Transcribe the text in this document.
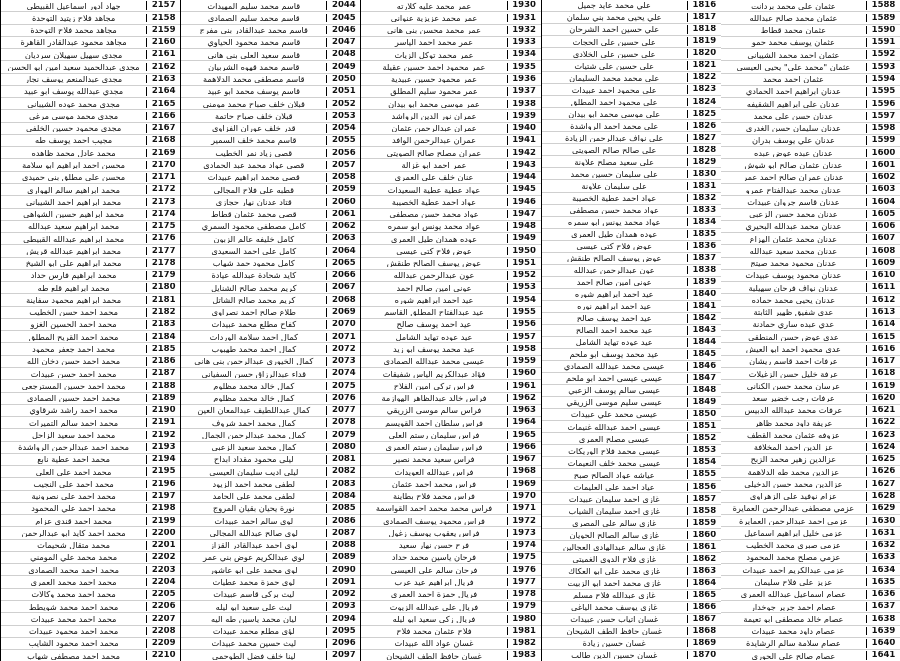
1588
عثمان علي محمد بردانت
1589
عثمان محمد صالح عبدالله
1590
عثمان محمد قطاط
1591
عثمان يوسف محمد حمو
1592
عثمان احمد محمد الشيباني
1593
عثمان "محمد علي" يحيى العيسي
1594
عثمان احمد محمد
1595
عدنان ابراهيم احمد الحمادي
1596
عدنان علي ابراهيم الشقيفه
1597
عدنان حسن علي محمد
1598
عدنان سليمان حسن الغدري
1599
عدنان علي يوسف بدران
1600
عدنان عبده عوض عبده
1601
عدنان عثمان صالح ابو شوش
1602
عدنان عمران صالح احمد عمر
1603
عدنان محمد عبدالفتاح عمرو
1604
عدنان قاسم جروان عبيدات
1605
عدنان محمد حسن الزعبي
1606
عدنان محمد عبدالله البحيري
1607
عدنان محمد عثمان الهزاع
1608
عدنان محمد سعيد عبدالله
1609
عدنان محمود محمد صيتج
1610
عدنان محمود يوسف عبيدات
1611
عدنان نواف فرحان سهيلية
1612
عدنان يحيى محمد حماده
1613
عدي شفيق ظهير الثابتة
1614
عدي عبده ساري حمادنة
1615
عدي عوض حسن المنطقي
1616
عدي محمود احمد ابو العيش
1617
عرفات احمد قاسم ريشان
1618
عرفة خليل حسن الزغيلات
1619
عرسان محمد حسن الكناني
1620
عرفات رجب خضير سعد
1621
عرفات محمد عبدالله الدبيس
1622
عريفة داود محمد ظاهر
1623
عزوفه عثمان محمد القطف
1624
عز الدين احمد المخلافة
1625
عزالدين زهير محمد الزبح
1626
عزالدين محمد طه الدلاهمة
1627
عزالدين محمد حسن الدخيلي
1628
عزام نوفيد علي الزهراوي
1629
عزمي مصطفى عبدالرحمن العمايرة
1630
عزمي احمد عبدالرحمن العمايرة
1631
عزمي خليل ابراهيم اسماعيل
1632
عزمي صبري محمد الخطيب
1633
عزمي مصلح محمد المحمود
1634
عزمي عبدالكريم احمد عبيدات
1635
عزيز علي فلاح سليمان
1636
عصام اسماعيل عبدالله العمري
1637
عصام احمد جرير جوخدار
1638
عصام خالد مصطفى ابو تعيمة
1639
عصام داود محمد عبيدات
1640
عصام سلامة سالم الرشايدة
1641
عصام صالح علي الحوري
1816
علي محمد عايد جميل
1817
علي يحيى محمد بني سلمان
1818
علي حسين احمد الشرحان
1819
علي حسين علي الحجات
1820
علي حسين علي الخلادي
1821
علي حسين علي شتيات
1822
علي محمد محمد السليمان
1823
علي محمود احمد عبيدات
1824
علي محمود احمد المطلق
1825
علي موسى محمد ابو بيدان
1826
علي محمد احمد الرواشدة
1827
علي نواف عبدالرحمن الزيادة
1828
علي صالح صالح الصويتي
1829
علي سعيد مصلح علاونة
1830
علي سليمان حسين محمد
1831
علي سليمان علاونة
1832
عواد احمد عطية الخصيبة
1833
عواد محمد حسن مصطفى
1834
عواد محمد يونس ابو سمره
1835
عوده همدان طيل العمري
1836
عوض فلاح كتي عيسى
1837
عوض يوسف الصالح طنقش
1838
عون عبدالرحمن عبدالله
1839
عوني امين صالح احمد
1840
عيد احمد ابراهيم شوره
1841
عيد احمد ابراهيم نوره
1842
عيد احمد يوسف صالح
1843
عيد محمد احمد الصالح
1844
عيد عوده تهايد الشامل
1845
عيد محمد يوسف ابو ملحم
1846
عيسى محمد عبدالله الصمادي
1847
عيسى عيسى احمد ابو ملحم
1848
عيسى سالم يوسف الزعبي
1849
عيسى سليم موسى الزريقي
1850
عيسى محمد علي عبيدات
1851
عيسى احمد عبدالله غنيمات
1852
عيسى مصلح العمري
1853
عيسى محمد فلاح الوريكات
1854
عيسى محمد خلف النعيمات
1855
عياشه عواد الصالح صبح
1856
عياد احمد علي العليمات
1857
غازي احمد سليمان عبيدات
1858
غازي احمد سليمان الشياب
1859
غازي سالم علي المصري
1860
غازي سالم الصالح الحويان
1861
غازي سالم عبدالهادي العجالين
1862
غازي فلاح الدوي الغميتي
1863
غازي محمد علي ابو العكاك
1864
غازي محمد احمد ابو الزبيت
1865
غازي عبدالله فلاح مسلم
1866
غازي يوسف محمد الياغي
1867
غسان اتياب حسن عبيدات
1868
غسان حافظ الطف الشيحان
1869
غسان حسين زيادة
1870
غسان حسين الدين طالب
1930
عمر محمد عليه كلارته
1931
عمر محمد عزيزية عنواني
1932
عمر محمد محسن بني هاني
1933
عمر محمد احمد الياسر
1934
عمر محمد توكل الزيات
1935
عمر محمود احمد حسين عقيلة
1936
عمر محمود حسين عبيدية
1937
عمر محمود سليم المطلق
1938
عمر موسى محمد ابو بيدان
1939
عمران نور الدين الرواشد
1940
عمران عبدالرحمن عثمان
1941
عمران عبدالرحمن الوافد
1942
عمران مصلح صالح الصويتي
1943
عمر احمد ابو غزالة
1944
عنان خلف علي العمري
1945
عواد عطية عطية السعيدات
1946
عواد احمد عطية الخصيبة
1947
عواد محمد حسن مصطفى
1948
عواد محمد يونس ابو سمره
1949
عوده همدان طيل العمري
1950
عوض فلاح كتي عيسى
1951
عوض يوسف الصالح طنقش
1952
عون عبدالرحمن عبدالله
1953
عوني امين صالح احمد
1954
عيد احمد ابراهيم شوره
1955
عيد عبدالفتاح المطلق القاسم
1956
عيد احمد يوسف صالح
1957
عيد عوده تهايد الشامل
1958
عيد محمد يوسف ابو زيد
1959
عيسى محمد عبدالله الصمادي
1960
فؤاد عبدالكريم الياس شفيقات
1961
فراس تركي امين الفلاح
1962
فراس خالد عبدالظاهر الهوازمة
1963
فراس سالم موسى الزريقي
1964
فراس سلطان احمد القويسم
1965
فراس سليمان رستم العلي
1966
فراس سليمان رستم العمري
1967
فراس سعيد محمد نصير
1968
فراس عبدالله العويدات
1969
فراس محمد احمد عثمان
1970
فراس محمد فلاح بطاينة
1971
فراس محمد محمد احمد القواسمة
1972
فراس محمود يوسف الصمادي
1973
فراس يعقوب يوسف زغول
1974
فرح حسن نهار سعيد
1975
فرحان ياسين محمد حداد
1976
فرحان سالم علي العيسى
1977
فريال ابراهيم عيد عرب
1978
فريال حمزة احمد العمري
1979
فريال علي عبدالله الزيوت
1980
فريال زكي سعيد ابو ليله
1981
فلاح عثمان محمد فلاح
1982
غسان عواد الله عبيدات
1983
غسان حافظ الطف الشيحان
2044
قاسم محمد سليم المهيدات
2045
قاسم محمد سليم الصمادي
2046
قاسم محمد عبدالقادر بني مفرج
2047
قاسم محمد محمود الحياوي
2048
قاسم سعيد العلي بني هاني
2049
قاسم محمد قهوه الشربيان
2050
قاسم مصطفى محمد الدلاهمة
2051
قاسم يوسف محمد ابو عبيد
2052
قبلان خلف صباح محمد مومني
2053
قبلان خلف صباح حاتمة
2054
قدر خلف عوران الفزاوي
2055
قاسم محمد خلف السمير
2056
قصي زياد نمر الخطيب
2057
قصي عواد محمد عبد الحمادي
2058
قصي محمد ابراهيم عبيدات
2059
قطبه علي فلاح المجالي
2060
قتاد عدنان نهار حجازي
2061
قصي محمد عثمان قطاط
2062
كامل مصطفى محمود السمري
2063
كامل خليفه عالم الزبون
2064
كامل علي احمد السعيدي
2065
كامل محمود حمد شهاب
2066
كايد شحادة عبدالله عيادة
2067
كريم محمد صالح الشنايل
2068
كريم محمد صالح الشاتل
2069
طلاع صالح احمد نصراوي
2070
كفاح مطلع محمد عبيدات
2071
كمال احمد سلامة الوردات
2072
كمال احمد محمد طهبوب
2073
كمال الخيوري عبدالرحمن بني هاني
2074
قداء عبدالرزاق حسن السفياني
2075
كمال خالد محمد مظلوم
2076
كمال خالد محمد مظلوم
2077
كمال عبداللطيف عبدالمعان العين
2078
كمال محمد احمد شروف
2079
كمال محمد عبدالرحمن الجمال
2080
كمال محمد سعيد الزعبي
2081
ليلى محمود مقداد ابداح
2082
ليلى اديب سليمان العيسى
2083
لطفي محمد احمد الزيود
2084
لطفي محمد علي الحامد
2085
نورة يحيان بقيان المروج
2086
لوي سالم احمد عبيدات
2087
لوي صالح عبدالله المجالي
2088
لوي احمد عبدالقادر القزاز
2089
لوي عبدالكريم عوض بني عمر
2090
لوي محمد علي ابو عاشور
2091
لوي حمزة محمد عطيات
2092
ليث بركي قاسم عبيدات
2093
ليث علي سعيد ابو ليله
2094
ليان محمد ياسين طه اليه
2095
لؤي مطلع محمد عبيدات
2096
ليث حسين محمد عبيدات
2097
لينا خلف فضل الطوحمي
2157
جهاد أدور اسماعيل القبيطي
2158
مجاهد فلاح زيتيد التوحدة
2159
مجاهد محمد فلاح التوحدة
2160
مجاهد محمود عبدالقادر القاهرة
2161
مجدي سهيل سهيلان سرديان
2162
مجدي عبدالحميد سعيد امين ابو الحسن
2163
مجدي عبدالمنعم يوسف نجار
2164
مجدي عبدالله يوسف ابو عبيد
2165
مجدي محمد عوده الشيباني
2166
مجدي محمد موسى مرغي
2167
مجدي محمود حسين الخلفي
2168
مجيب احمد يوسف طه
2169
محمد عادل محمد ظاهده
2170
محسن احمد ابراهيم ابو سلامة
2171
محسن علي مطلق بني حميدي
2172
محمد ابراهيم سالم الهواري
2173
محمد ابراهيم احمد الشيباني
2174
محمد ابراهيم حسين الشواهي
2175
محمد ابراهيم سعيد عبدالله
2176
محمد ابراهيم عبدالله القبيطي
2177
محمد ابراهيم عبدالله قريش
2178
محمد ابراهيم علي ابو الشيخ
2179
محمد ابراهيم فارس حداد
2180
محمد ابراهيم قلع طه
2181
محمد ابراهيم محمود سفاينة
2182
محمد احمد حسن الخطيب
2183
محمد احمد الحسين الغزو
2184
محمد احمد القريح المطلق
2185
محمد احمد جعفر محمود
2186
محمد احمد حسن دخان الله
2187
محمد احمد حسن عبيدات
2188
محمد احمد حسين المسترجعي
2189
محمد احمد حسين الصمادي
2190
محمد احمد راشد شرقاوي
2191
محمد احمد سالم التميرات
2192
محمد احمد سعيد الزاحل
2193
محمد احمد عبدالرحمن الرواشدة
2194
محمد احمد عطية نابع
2195
محمد احمد علي العلي
2196
محمد احمد علي النجيب
2197
محمد احمد علي نصرونية
2198
محمد احمد علي المحمود
2199
محمد احمد قندي عزام
2200
محمد احمد كايد ابو عبدالرحمن
2201
محمد متقال شحيمات
2202
محمد محمد علي المومني
2203
محمد احمد محمد الصمادي
2204
محمد احمد محمد العمري
2205
محمد احمد محمد وكالات
2206
محمد احمد محمد شويطط
2207
محمد احمد محمد عبيدات
2208
محمد احمد محمود عبيدات
2209
محمد احمد محمود الشايب
2210
محمد احمد مصطفى شهاب
